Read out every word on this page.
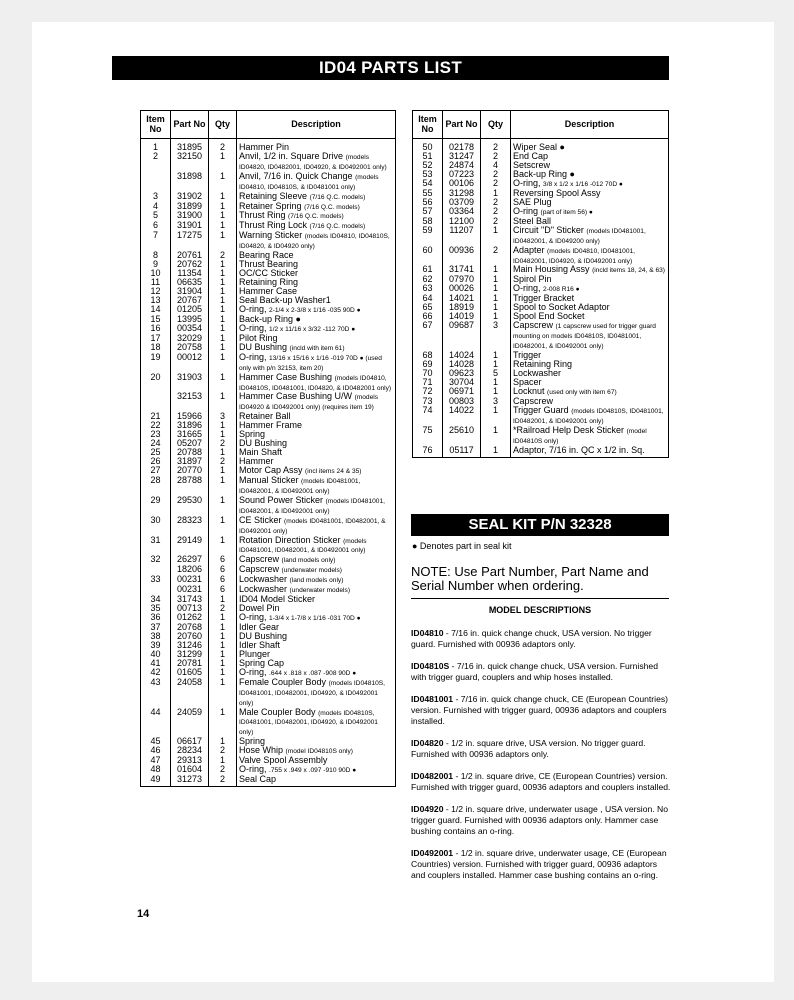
ID04 PARTS LIST
Item No	Part No	Qty	Description
1	31895	2	Hammer Pin
2	32150	1	Anvil, 1/2 in. Square Drive (models ID04820, ID0482001, ID04920, & ID0492001 only)
	31898	1	Anvil, 7/16 in. Quick Change (models ID04810, ID04810S, & ID0481001 only)
3	31902	1	Retaining Sleeve (7/16 Q.C. models)
4	31899	1	Retainer Spring (7/16 Q.C. models)
5	31900	1	Thrust Ring (7/16 Q.C. models)
6	31901	1	Thrust Ring Lock (7/16 Q.C. models)
7	17275	1	Warning Sticker (models ID04810, ID04810S, ID04820, & ID04920 only)
8	20761	2	Bearing Race
9	20762	1	Thrust Bearing
10	11354	1	OC/CC Sticker
11	06635	1	Retaining Ring
12	31904	1	Hammer Case
13	20767	1	Seal Back-up Washer1
14	01205	1	O-ring, 2-1/4 x 2-3/8 x 1/16 -035 90D ●
15	13995	1	Back-up Ring ●
16	00354	1	O-ring, 1/2 x 11/16 x 3/32 -112 70D ●
17	32029	1	Pilot Ring
18	20758	1	DU Bushing (incld with item 61)
19	00012	1	O-ring, 13/16 x 15/16 x 1/16 -019 70D ● (used only with p/n 32153, item 20)
20	31903	1	Hammer Case Bushing (models ID04810, ID04810S, ID0481001, ID04820, & ID0482001 only)
	32153	1	Hammer Case Bushing U/W (models ID04920 & ID0492001 only) (requires item 19)
21	15966	3	Retainer Ball
22	31896	1	Hammer Frame
23	31665	1	Spring
24	05207	2	DU Bushing
25	20788	1	Main Shaft
26	31897	2	Hammer
27	20770	1	Motor Cap Assy (incl items 24 & 35)
28	28788	1	Manual Sticker (models ID0481001, ID0482001, & ID0492001 only)
29	29530	1	Sound Power Sticker (models ID0481001, ID0482001, & ID0492001 only)
30	28323	1	CE Sticker (models ID0481001, ID0482001, & ID0492001 only)
31	29149	1	Rotation Direction Sticker (models ID0481001, ID0482001, & ID0492001 only)
32	26297	6	Capscrew (land models only)
	18206	6	Capscrew (underwater models)
33	00231	6	Lockwasher (land models only)
	00231	6	Lockwasher (underwater models)
34	31743	1	ID04 Model Sticker
35	00713	2	Dowel Pin
36	01262	1	O-ring, 1-3/4 x 1-7/8 x 1/16 -031 70D ●
37	20768	1	Idler Gear
38	20760	1	DU Bushing
39	31246	1	Idler Shaft
40	31299	1	Plunger
41	20781	1	Spring Cap
42	01605	1	O-ring, .644 x .818 x .087 -908 90D ●
43	24058	1	Female Coupler Body (models ID04810S, ID0481001, ID0482001, ID04920, & ID0492001 only)
44	24059	1	Male Coupler Body (models ID04810S, ID0481001, ID0482001, ID04920, & ID0492001 only)
45	06617	1	Spring
46	28234	2	Hose Whip (model ID04810S only)
47	29313	1	Valve Spool Assembly
48	01604	2	O-ring, .755 x .949 x .097 -910 90D ●
49	31273	2	Seal Cap
Item No	Part No	Qty	Description
50	02178	2	Wiper Seal ●
51	31247	2	End Cap
52	24874	4	Setscrew
53	07223	2	Back-up Ring ●
54	00106	2	O-ring, 3/8 x 1/2 x 1/16 -012 70D ●
55	31298	1	Reversing Spool Assy
56	03709	2	SAE Plug
57	03364	2	O-ring (part of item 56) ●
58	12100	2	Steel Ball
59	11207	1	Circuit "D" Sticker (models ID0481001, ID0482001, & ID049200 only)
60	00936	2	Adapter (models ID04810, ID0481001, ID0482001, ID04920, & ID0492001 only)
61	31741	1	Main Housing Assy (incld items 18, 24, & 63)
62	07970	1	Spirol Pin
63	00026	1	O-ring, 2-008 R16 ●
64	14021	1	Trigger Bracket
65	18919	1	Spool to Socket Adaptor
66	14019	1	Spool End Socket
67	09687	3	Capscrew (1 capscrew used for trigger guard mounting on models ID04810S, ID0481001, ID0482001, & ID0492001 only)
68	14024	1	Trigger
69	14028	1	Retaining Ring
70	09623	5	Lockwasher
71	30704	1	Spacer
72	06971	1	Locknut (used only with item 67)
73	00803	3	Capscrew
74	14022	1	Trigger Guard (models ID04810S, ID0481001, ID0482001, & ID0492001 only)
75	25610	1	*Railroad Help Desk Sticker (model ID04810S only)
76	05117	1	Adaptor, 7/16 in. QC x 1/2 in. Sq.
SEAL KIT P/N 32328
● Denotes part in seal kit
NOTE: Use Part Number, Part Name and Serial Number when ordering.
MODEL DESCRIPTIONS
ID04810 - 7/16 in. quick change chuck, USA version. No trigger guard. Furnished with 00936 adaptors only.
ID04810S - 7/16 in. quick change chuck, USA version. Furnished with trigger guard, couplers and whip hoses installed.
ID0481001 - 7/16 in. quick change chuck, CE (European Countries) version. Furnished with trigger guard, 00936 adaptors and couplers installed.
ID04820 - 1/2 in. square drive, USA version. No trigger guard. Furnished with 00936 adaptors only.
ID0482001 - 1/2 in. square drive, CE (European Countries) version. Furnished with trigger guard, 00936 adaptors and couplers installed.
ID04920 - 1/2 in. square drive, underwater usage , USA version. No trigger guard. Furnished with 00936 adaptors only. Hammer case bushing contains an o-ring.
ID0492001 - 1/2 in. square drive, underwater usage, CE (European Countries) version. Furnished with trigger guard, 00936 adaptors and couplers installed. Hammer case bushing contains an o-ring.
14
